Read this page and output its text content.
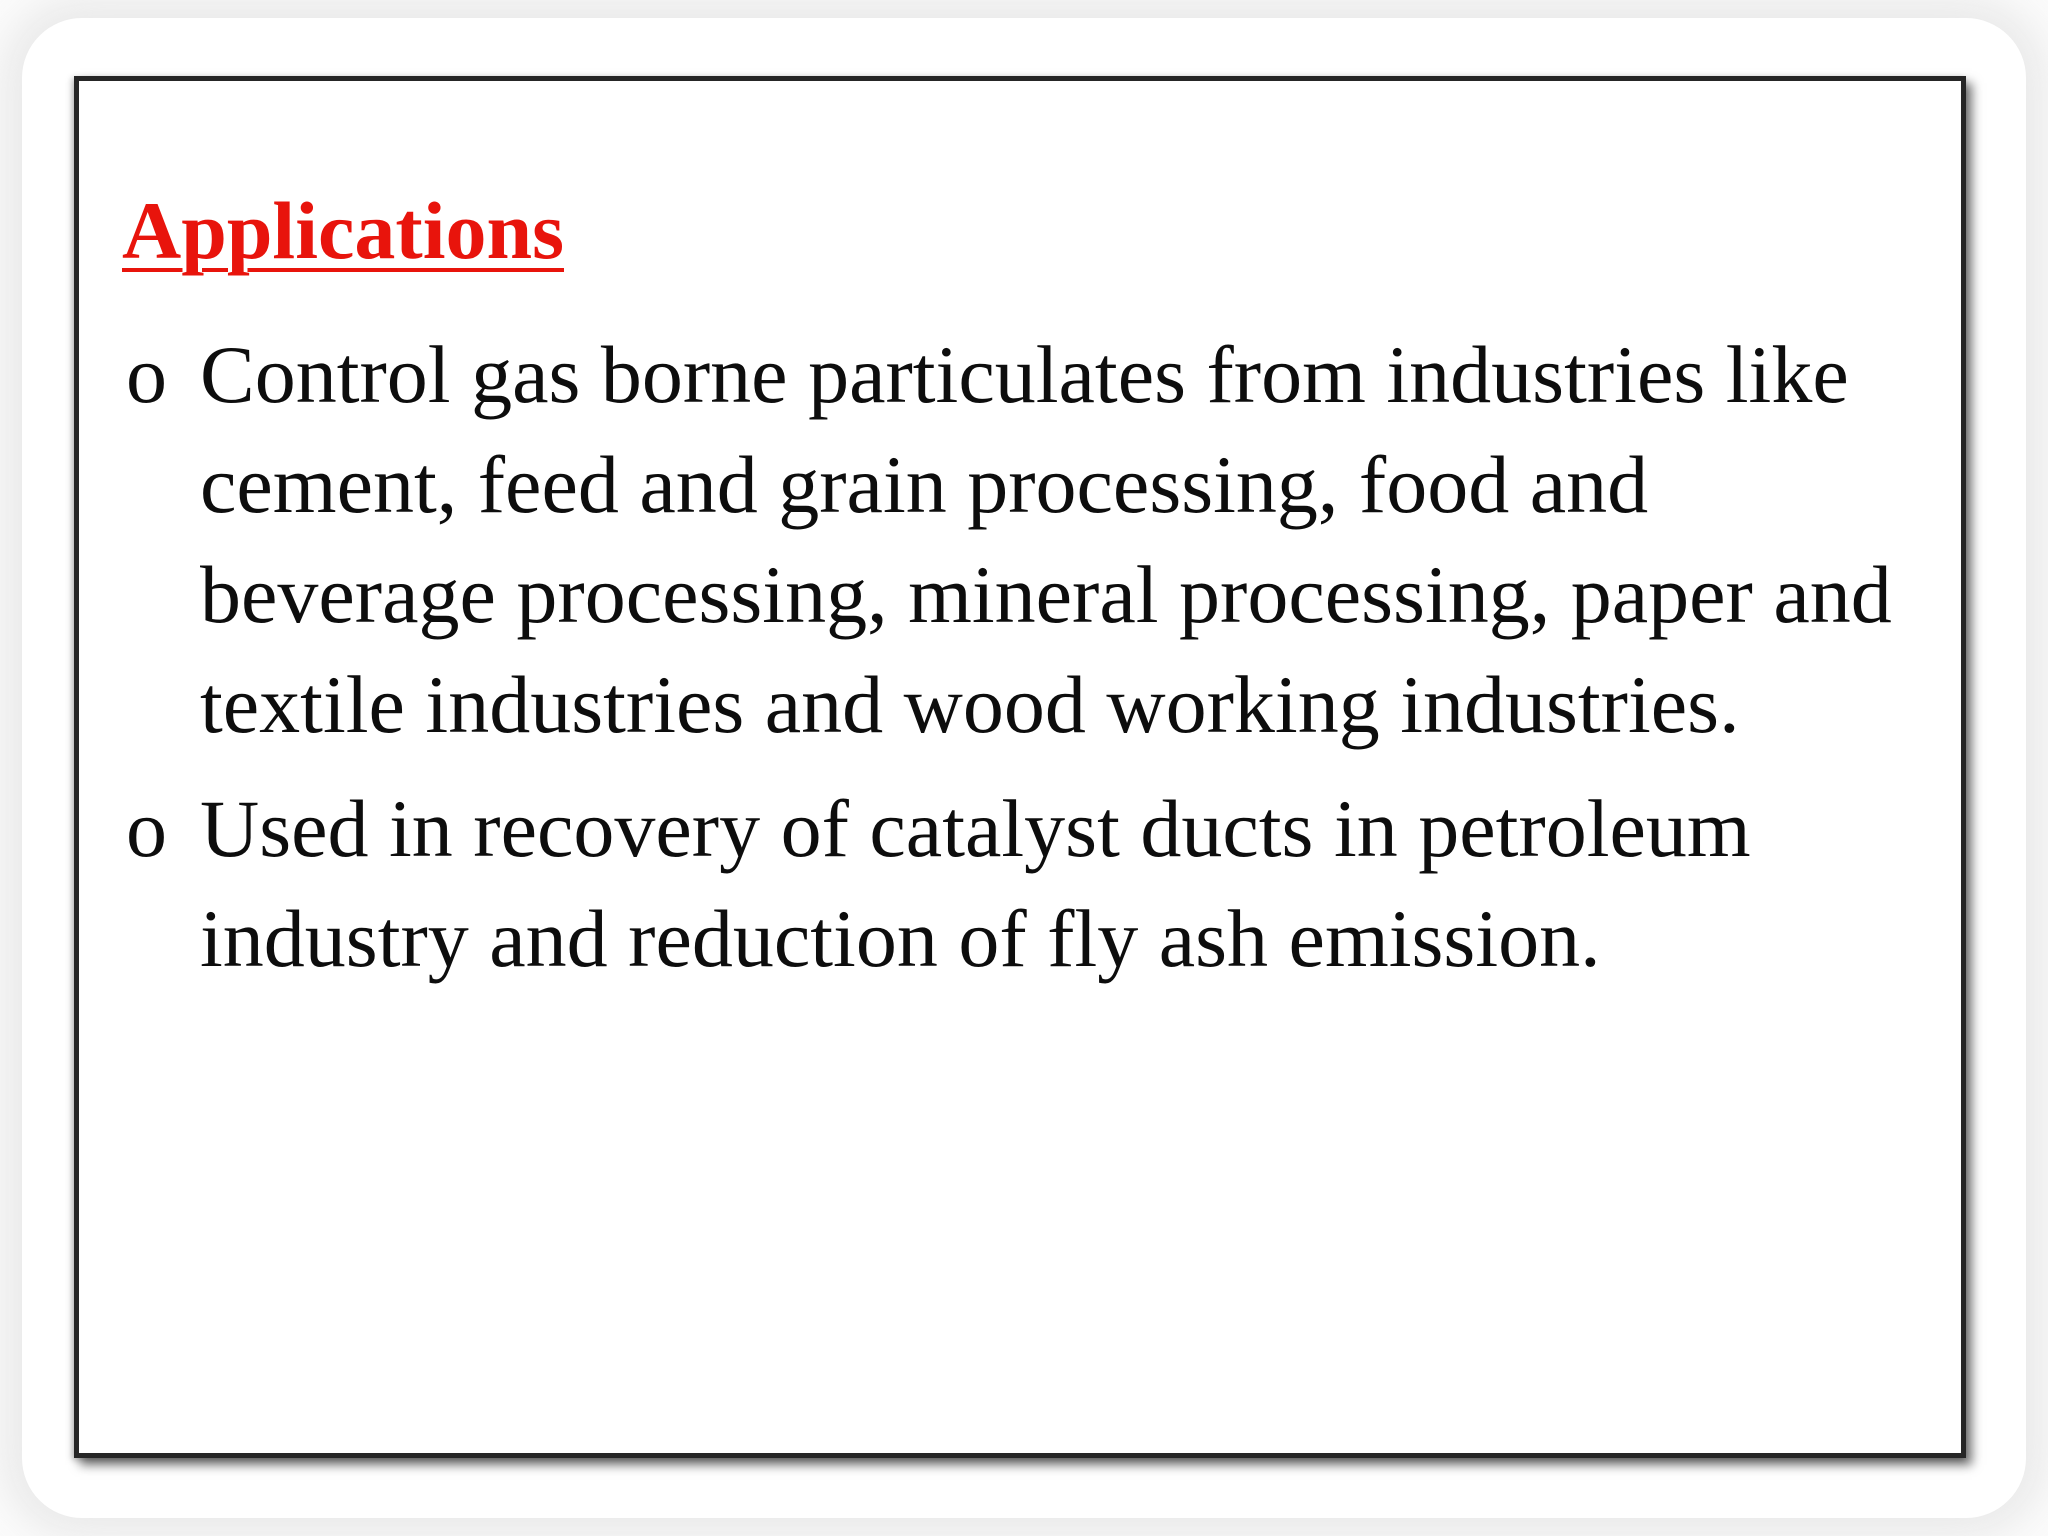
Applications
o Control gas borne particulates from industries like cement, feed and grain processing, food and beverage processing, mineral processing, paper and textile industries and wood working industries.
o Used in recovery of catalyst ducts in petroleum industry and reduction of fly ash emission.
